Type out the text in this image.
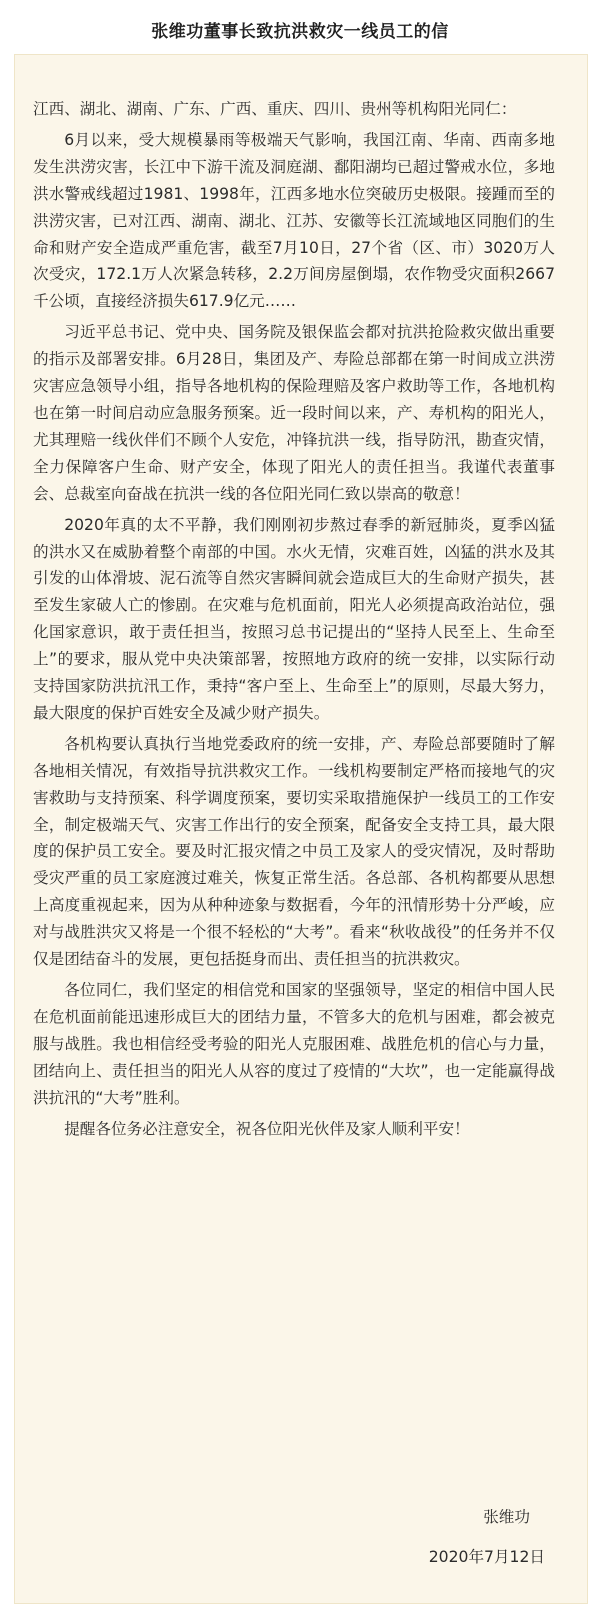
张维功董事长致抗洪救灾一线员工的信

江西、湖北、湖南、广东、广西、重庆、四川、贵州等机构阳光同仁：

6月以来，受大规模暴雨等极端天气影响，我国江南、华南、西南多地发生洪涝灾害，长江中下游干流及洞庭湖、鄱阳湖均已超过警戒水位，多地洪水警戒线超过1981、1998年，江西多地水位突破历史极限。接踵而至的洪涝灾害，已对江西、湖南、湖北、江苏、安徽等长江流域地区同胞们的生命和财产安全造成严重危害，截至7月10日，27个省（区、市）3020万人次受灾，172.1万人次紧急转移，2.2万间房屋倒塌，农作物受灾面积2667千公顷，直接经济损失617.9亿元……

习近平总书记、党中央、国务院及银保监会都对抗洪抢险救灾做出重要的指示及部署安排。6月28日，集团及产、寿险总部都在第一时间成立洪涝灾害应急领导小组，指导各地机构的保险理赔及客户救助等工作，各地机构也在第一时间启动应急服务预案。近一段时间以来，产、寿机构的阳光人，尤其理赔一线伙伴们不顾个人安危，冲锋抗洪一线，指导防汛，勘查灾情，全力保障客户生命、财产安全，体现了阳光人的责任担当。我谨代表董事会、总裁室向奋战在抗洪一线的各位阳光同仁致以崇高的敬意！

2020年真的太不平静，我们刚刚初步熬过春季的新冠肺炎，夏季凶猛的洪水又在威胁着整个南部的中国。水火无情，灾难百姓，凶猛的洪水及其引发的山体滑坡、泥石流等自然灾害瞬间就会造成巨大的生命财产损失，甚至发生家破人亡的惨剧。在灾难与危机面前，阳光人必须提高政治站位，强化国家意识，敢于责任担当，按照习总书记提出的“坚持人民至上、生命至上”的要求，服从党中央决策部署，按照地方政府的统一安排，以实际行动支持国家防洪抗汛工作，秉持“客户至上、生命至上”的原则，尽最大努力，最大限度的保护百姓安全及减少财产损失。

各机构要认真执行当地党委政府的统一安排，产、寿险总部要随时了解各地相关情况，有效指导抗洪救灾工作。一线机构要制定严格而接地气的灾害救助与支持预案、科学调度预案，要切实采取措施保护一线员工的工作安全，制定极端天气、灾害工作出行的安全预案，配备安全支持工具，最大限度的保护员工安全。要及时汇报灾情之中员工及家人的受灾情况，及时帮助受灾严重的员工家庭渡过难关，恢复正常生活。各总部、各机构都要从思想上高度重视起来，因为从种种迹象与数据看，今年的汛情形势十分严峻，应对与战胜洪灾又将是一个很不轻松的“大考”。看来“秋收战役”的任务并不仅仅是团结奋斗的发展，更包括挺身而出、责任担当的抗洪救灾。

各位同仁，我们坚定的相信党和国家的坚强领导，坚定的相信中国人民在危机面前能迅速形成巨大的团结力量，不管多大的危机与困难，都会被克服与战胜。我也相信经受考验的阳光人克服困难、战胜危机的信心与力量，团结向上、责任担当的阳光人从容的度过了疫情的“大坎”，也一定能赢得战洪抗汛的“大考”胜利。

提醒各位务必注意安全，祝各位阳光伙伴及家人顺利平安！

张维功
2020年7月12日
